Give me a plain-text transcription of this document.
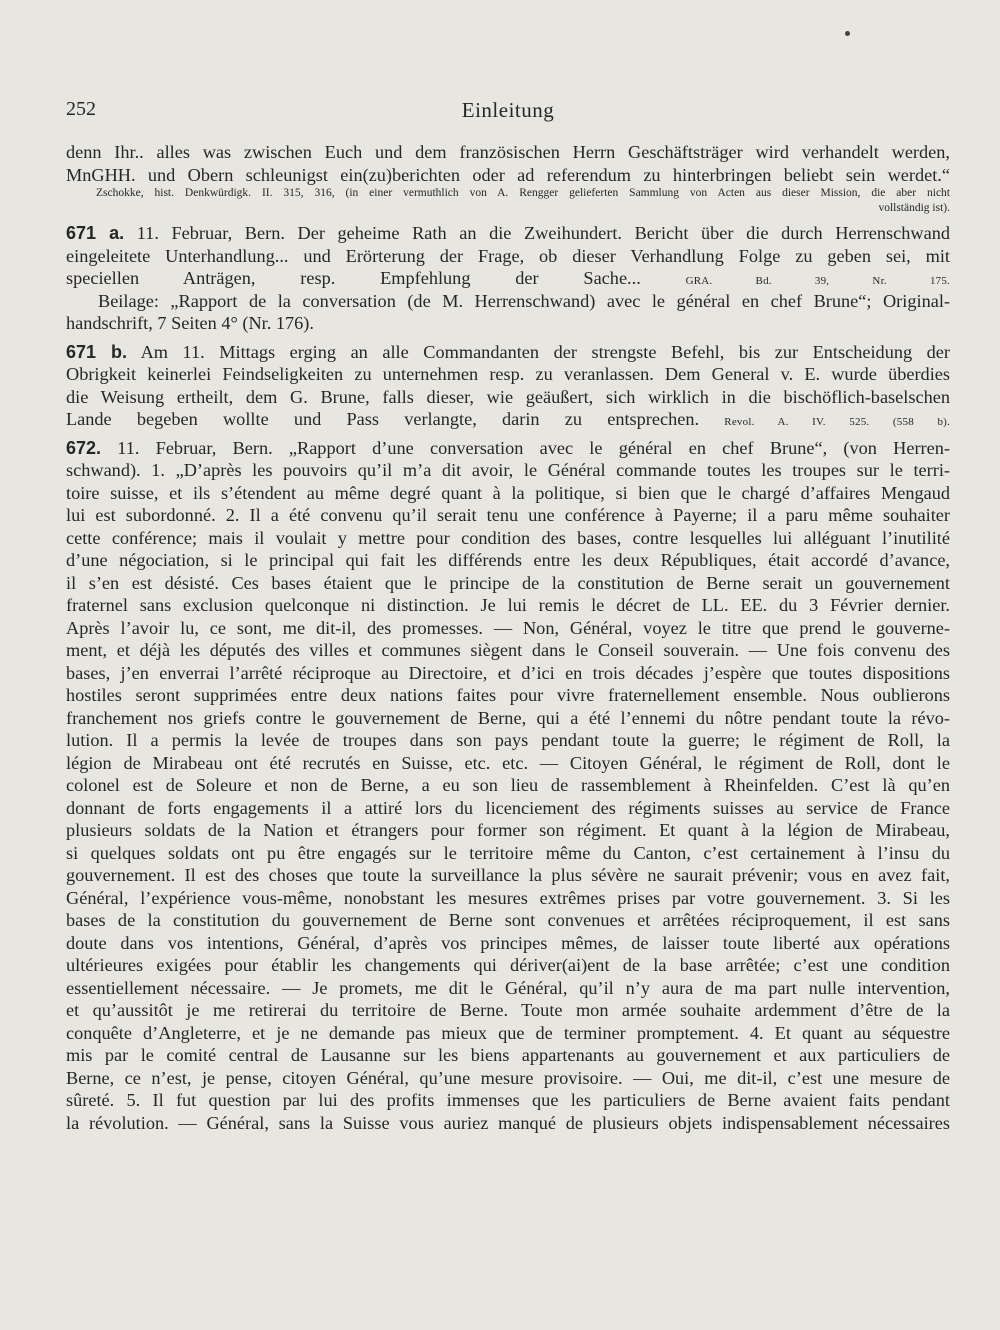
252	Einleitung
denn Ihr.. alles was zwischen Euch und dem französischen Herrn Geschäftsträger wird verhandelt werden,
MnGHH. und Obern schleunigst ein(zu)berichten oder ad referendum zu hinterbringen beliebt sein werdet.“
Zschokke, hist. Denkwürdigk. II. 315, 316, (in einer vermuthlich von A. Rengger gelieferten Sammlung von Acten aus dieser Mission, die aber nicht
vollständig ist).
671 a. 11. Februar, Bern. Der geheime Rath an die Zweihundert. Bericht über die durch Herrenschwand
eingeleitete Unterhandlung... und Erörterung der Frage, ob dieser Verhandlung Folge zu geben sei, mit
speciellen Anträgen, resp. Empfehlung der Sache...	GRA. Bd. 39, Nr. 175.
Beilage: „Rapport de la conversation (de M. Herrenschwand) avec le général en chef Brune“; Original-
handschrift, 7 Seiten 4° (Nr. 176).
671 b. Am 11. Mittags erging an alle Commandanten der strengste Befehl, bis zur Entscheidung der
Obrigkeit keinerlei Feindseligkeiten zu unternehmen resp. zu veranlassen. Dem General v. E. wurde überdies
die Weisung ertheilt, dem G. Brune, falls dieser, wie geäußert, sich wirklich in die bischöflich-baselschen
Lande begeben wollte und Pass verlangte, darin zu entsprechen. Revol. A. IV. 525. (558 b).
672. 11. Februar, Bern. „Rapport d’une conversation avec le général en chef Brune“, (von Herren-
schwand). 1. „D’après les pouvoirs qu’il m’a dit avoir, le Général commande toutes les troupes sur le terri-
toire suisse, et ils s’étendent au même degré quant à la politique, si bien que le chargé d’affaires Mengaud
lui est subordonné. 2. Il a été convenu qu’il serait tenu une conférence à Payerne; il a paru même souhaiter
cette conférence; mais il voulait y mettre pour condition des bases, contre lesquelles lui alléguant l’inutilité
d’une négociation, si le principal qui fait les différends entre les deux Républiques, était accordé d’avance,
il s’en est désisté. Ces bases étaient que le principe de la constitution de Berne serait un gouvernement
fraternel sans exclusion quelconque ni distinction. Je lui remis le décret de LL. EE. du 3 Février dernier.
Après l’avoir lu, ce sont, me dit-il, des promesses. — Non, Général, voyez le titre que prend le gouverne-
ment, et déjà les députés des villes et communes siègent dans le Conseil souverain. — Une fois convenu des
bases, j’en enverrai l’arrêté réciproque au Directoire, et d’ici en trois décades j’espère que toutes dispositions
hostiles seront supprimées entre deux nations faites pour vivre fraternellement ensemble. Nous oublierons
franchement nos griefs contre le gouvernement de Berne, qui a été l’ennemi du nôtre pendant toute la révo-
lution. Il a permis la levée de troupes dans son pays pendant toute la guerre; le régiment de Roll, la
légion de Mirabeau ont été recrutés en Suisse, etc. etc. — Citoyen Général, le régiment de Roll, dont le
colonel est de Soleure et non de Berne, a eu son lieu de rassemblement à Rheinfelden. C’est là qu’en
donnant de forts engagements il a attiré lors du licenciement des régiments suisses au service de France
plusieurs soldats de la Nation et étrangers pour former son régiment. Et quant à la légion de Mirabeau,
si quelques soldats ont pu être engagés sur le territoire même du Canton, c’est certainement à l’insu du
gouvernement. Il est des choses que toute la surveillance la plus sévère ne saurait prévenir; vous en avez fait,
Général, l’expérience vous-même, nonobstant les mesures extrêmes prises par votre gouvernement. 3. Si les
bases de la constitution du gouvernement de Berne sont convenues et arrêtées réciproquement, il est sans
doute dans vos intentions, Général, d’après vos principes mêmes, de laisser toute liberté aux opérations
ultérieures exigées pour établir les changements qui dériver(ai)ent de la base arrêtée; c’est une condition
essentiellement nécessaire. — Je promets, me dit le Général, qu’il n’y aura de ma part nulle intervention,
et qu’aussitôt je me retirerai du territoire de Berne. Toute mon armée souhaite ardemment d’être de la
conquête d’Angleterre, et je ne demande pas mieux que de terminer promptement. 4. Et quant au séquestre
mis par le comité central de Lausanne sur les biens appartenants au gouvernement et aux particuliers de
Berne, ce n’est, je pense, citoyen Général, qu’une mesure provisoire. — Oui, me dit-il, c’est une mesure de
sûreté. 5. Il fut question par lui des profits immenses que les particuliers de Berne avaient faits pendant
la révolution. — Général, sans la Suisse vous auriez manqué de plusieurs objets indispensablement nécessaires
